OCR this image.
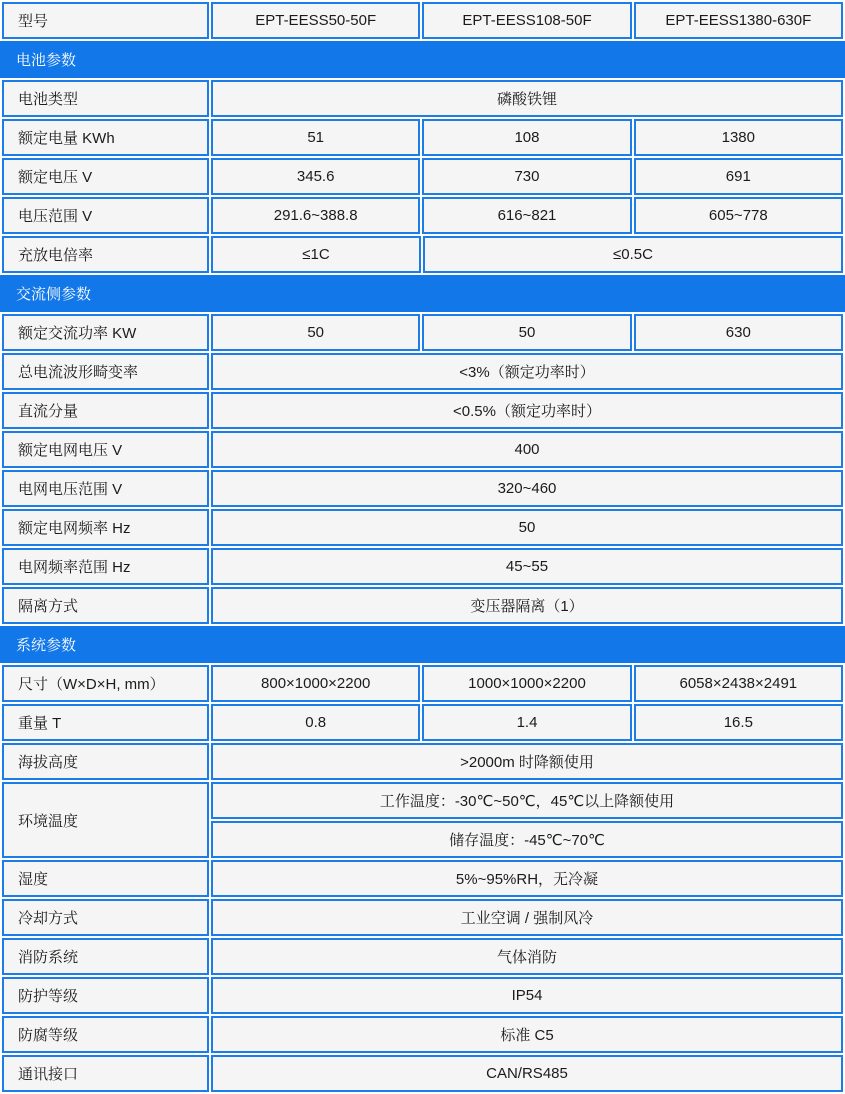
型号	EPT-EESS50-50F	EPT-EESS108-50F	EPT-EESS1380-630F
电池参数
电池类型	磷酸铁锂
额定电量 KWh	51	108	1380
额定电压 V	345.6	730	691
电压范围 V	291.6~388.8	616~821	605~778
充放电倍率	≤1C	≤0.5C
交流侧参数
额定交流功率 KW	50	50	630
总电流波形畸变率	<3%（额定功率时）
直流分量	<0.5%（额定功率时）
额定电网电压 V	400
电网电压范围 V	320~460
额定电网频率 Hz	50
电网频率范围 Hz	45~55
隔离方式	变压器隔离（1）
系统参数
尺寸（W×D×H, mm）	800×1000×2200	1000×1000×2200	6058×2438×2491
重量 T	0.8	1.4	16.5
海拔高度	>2000m 时降额使用
环境温度
工作温度：-30℃~50℃，45℃以上降额使用
储存温度：-45℃~70℃
湿度	5%~95%RH，无冷凝
冷却方式	工业空调 / 强制风冷
消防系统	气体消防
防护等级	IP54
防腐等级	标准 C5
通讯接口	CAN/RS485
